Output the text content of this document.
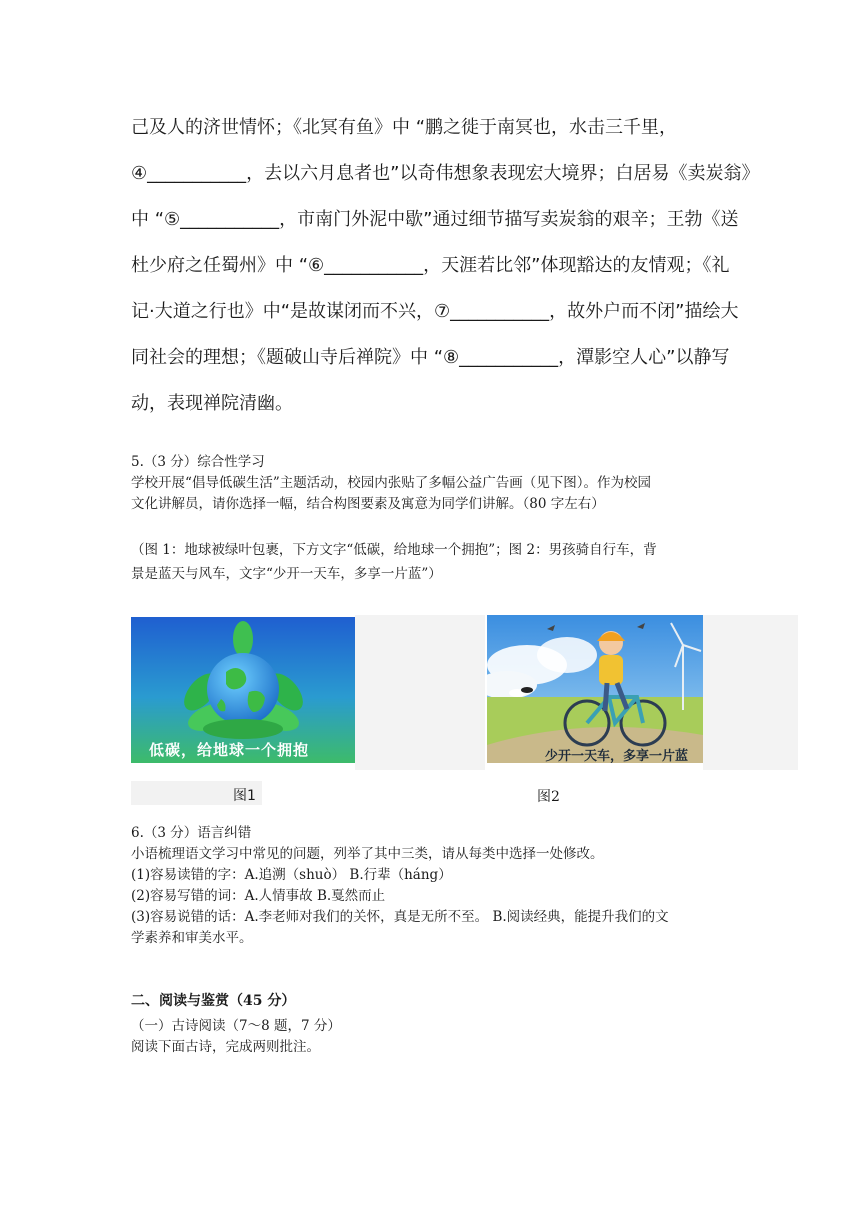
己及人的济世情怀；《北冥有鱼》中 “鹏之徙于南冥也，水击三千里，
④___________，去以六月息者也”以奇伟想象表现宏大境界；白居易《卖炭翁》
中 “⑤___________，市南门外泥中歇”通过细节描写卖炭翁的艰辛；王勃《送
杜少府之任蜀州》中 “⑥___________，天涯若比邻”体现豁达的友情观；《礼
记·大道之行也》中“是故谋闭而不兴，⑦___________，故外户而不闭”描绘大
同社会的理想；《题破山寺后禅院》中 “⑧___________，潭影空人心”以静写
动，表现禅院清幽。
5.（3 分）综合性学习
学校开展“倡导低碳生活”主题活动，校园内张贴了多幅公益广告画（见下图）。作为校园
文化讲解员，请你选择一幅，结合构图要素及寓意为同学们讲解。（80 字左右）
（图 1：地球被绿叶包裹，下方文字“低碳，给地球一个拥抱”；图 2：男孩骑自行车，背
景是蓝天与风车，文字“少开一天车，多享一片蓝”）
低碳，给地球一个拥抱
图1
少开一天车，多享一片蓝
图2
6.（3 分）语言纠错
小语梳理语文学习中常见的问题，列举了其中三类，请从每类中选择一处修改。
(1)容易读错的字：A.追溯（shuò） B.行辈（háng）
(2)容易写错的词：A.人情事故 B.戛然而止
(3)容易说错的话：A.李老师对我们的关怀，真是无所不至。 B.阅读经典，能提升我们的文
学素养和审美水平。
二、阅读与鉴赏（45 分）
（一）古诗阅读（7～8 题，7 分）
阅读下面古诗，完成两则批注。
